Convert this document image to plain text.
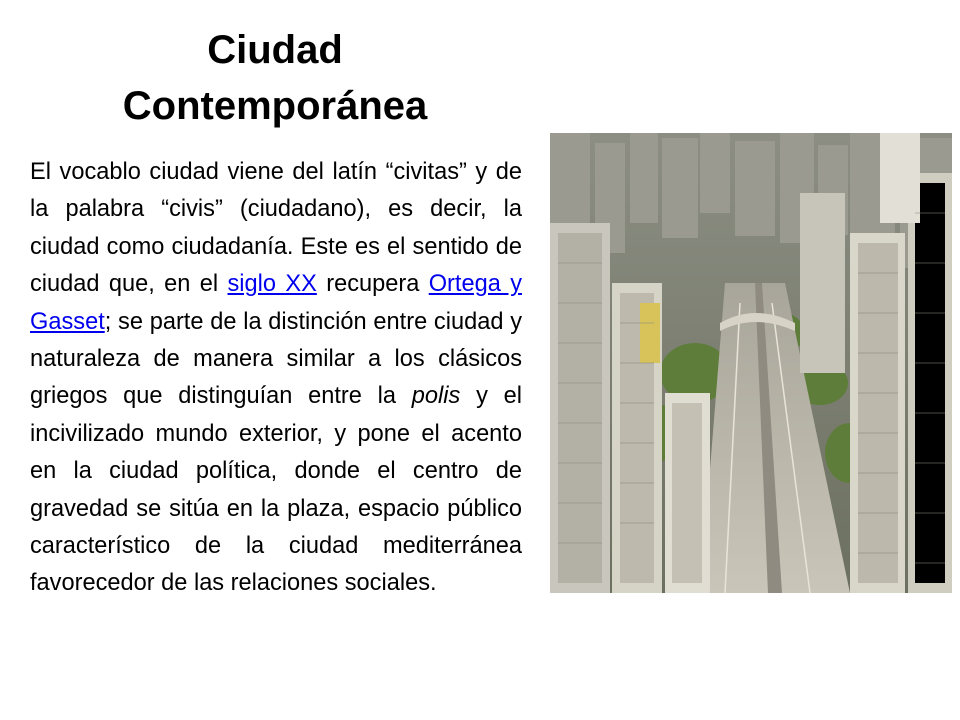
Ciudad
Contemporánea

El vocablo ciudad viene del latín “civitas” y de la palabra “civis” (ciudadano), es decir, la ciudad como ciudadanía. Este es el sentido de ciudad que, en el siglo XX recupera Ortega y Gasset; se parte de la distinción entre ciudad y naturaleza de manera similar a los clásicos griegos que distinguían entre la polis y el incivilizado mundo exterior, y pone el acento en la ciudad política, donde el centro de gravedad se sitúa en la plaza, espacio público característico de la ciudad mediterránea favorecedor de las relaciones sociales.
